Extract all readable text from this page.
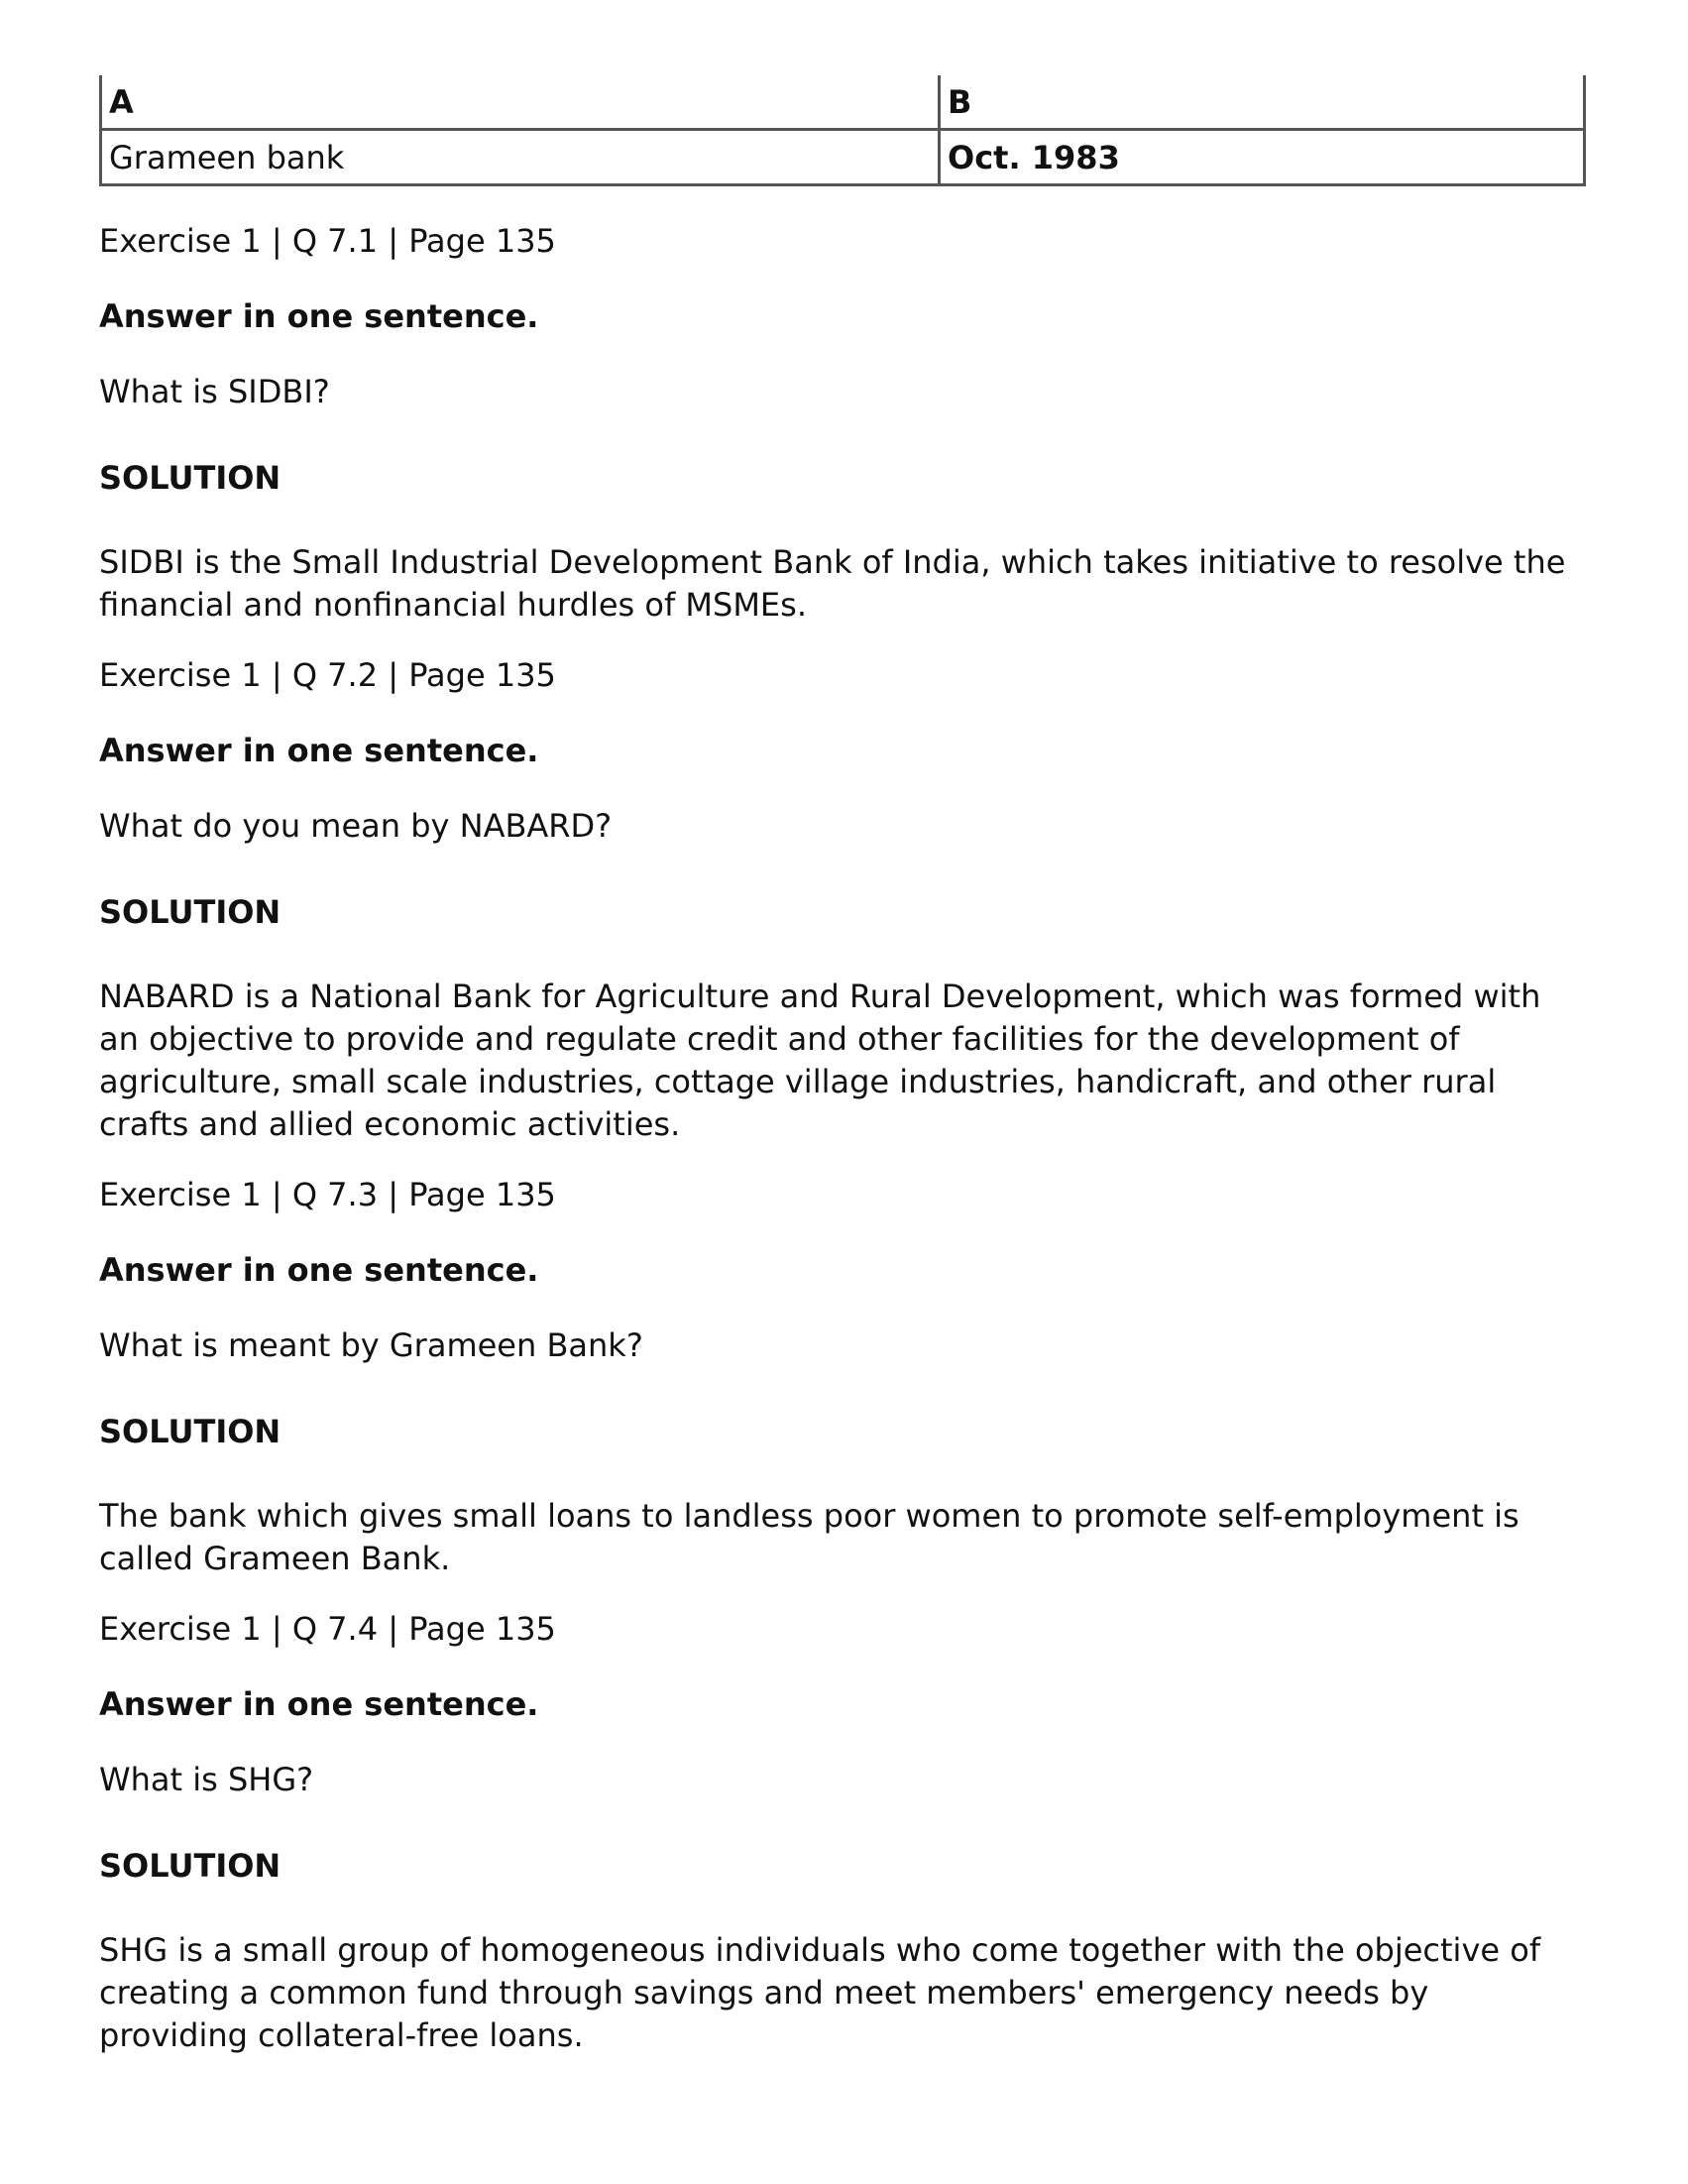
A	B
Grameen bank	Oct. 1983

Exercise 1 | Q 7.1 | Page 135

Answer in one sentence.

What is SIDBI?

SOLUTION

SIDBI is the Small Industrial Development Bank of India, which takes initiative to resolve the financial and nonfinancial hurdles of MSMEs.

Exercise 1 | Q 7.2 | Page 135

Answer in one sentence.

What do you mean by NABARD?

SOLUTION

NABARD is a National Bank for Agriculture and Rural Development, which was formed with an objective to provide and regulate credit and other facilities for the development of agriculture, small scale industries, cottage village industries, handicraft, and other rural crafts and allied economic activities.

Exercise 1 | Q 7.3 | Page 135

Answer in one sentence.

What is meant by Grameen Bank?

SOLUTION

The bank which gives small loans to landless poor women to promote self-employment is called Grameen Bank.

Exercise 1 | Q 7.4 | Page 135

Answer in one sentence.

What is SHG?

SOLUTION

SHG is a small group of homogeneous individuals who come together with the objective of creating a common fund through savings and meet members' emergency needs by providing collateral-free loans.
